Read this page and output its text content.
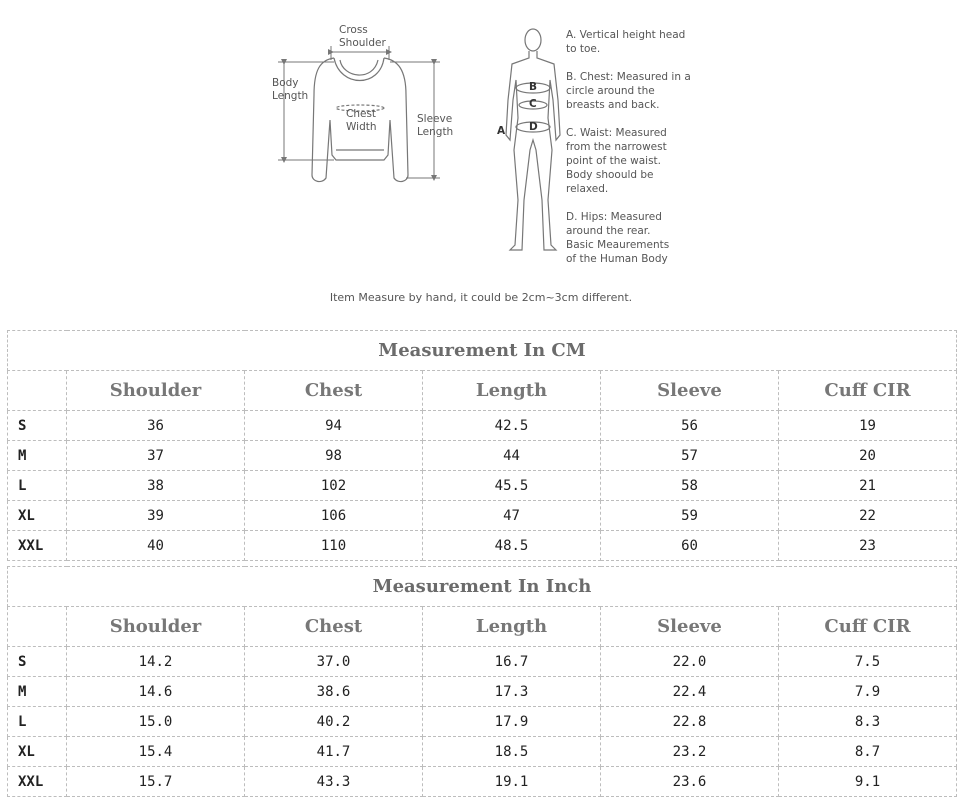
Cross
Shoulder
Body
Length
Chest
Width
Sleeve
Length	A
B
C
D
A. Vertical height head
to toe.
B. Chest: Measured in a
circle around the
breasts and back.
C. Waist: Measured
from the narrowest
point of the waist.
Body shoould be
relaxed.
D. Hips: Measured
around the rear.
Basic Meaurements
of the Human Body
Item Measure by hand, it could be 2cm~3cm different.
Measurement In CM					
	Shoulder	Chest	Length	Sleeve	Cuff CIR
S	36	94	42.5	56	19
M	37	98	44	57	20
L	38	102	45.5	58	21
XL	39	106	47	59	22
XXL	40	110	48.5	60	23
Measurement In Inch					
	Shoulder	Chest	Length	Sleeve	Cuff CIR
S	14.2	37.0	16.7	22.0	7.5
M	14.6	38.6	17.3	22.4	7.9
L	15.0	40.2	17.9	22.8	8.3
XL	15.4	41.7	18.5	23.2	8.7
XXL	15.7	43.3	19.1	23.6	9.1
